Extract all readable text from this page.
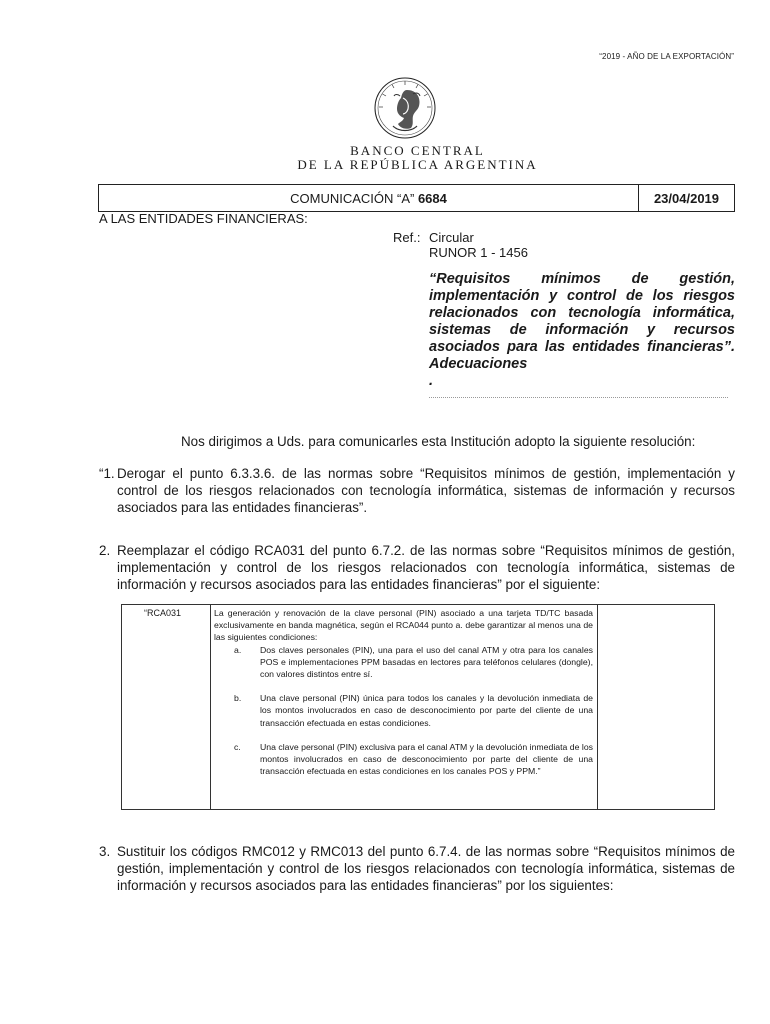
“2019 - AÑO DE LA EXPORTACIÓN”
BANCO CENTRAL
DE LA REPÚBLICA ARGENTINA
COMUNICACIÓN “A” 6684	23/04/2019
A LAS ENTIDADES FINANCIERAS:
Ref.: Circular
RUNOR 1 - 1456
“Requisitos mínimos de gestión, implementación y control de los riesgos relacionados con tecnología informática, sistemas de información y recursos asociados para las entidades financieras”. Adecuaciones
.
Nos dirigimos a Uds. para comunicarles esta Institución adopto la siguiente resolución:
“1. Derogar el punto 6.3.3.6. de las normas sobre “Requisitos mínimos de gestión, implementación y control de los riesgos relacionados con tecnología informática, sistemas de información y recursos asociados para las entidades financieras”.
2. Reemplazar el código RCA031 del punto 6.7.2. de las normas sobre “Requisitos mínimos de gestión, implementación y control de los riesgos relacionados con tecnología informática, sistemas de información y recursos asociados para las entidades financieras” por el siguiente:
“RCA031	La generación y renovación de la clave personal (PIN) asociado a una tarjeta TD/TC basada exclusivamente en banda magnética, según el RCA044 punto a. debe garantizar al menos una de las siguientes condiciones:
a. Dos claves personales (PIN), una para el uso del canal ATM y otra para los canales POS e implementaciones PPM basadas en lectores para teléfonos celulares (dongle), con valores distintos entre sí.
b. Una clave personal (PIN) única para todos los canales y la devolución inmediata de los montos involucrados en caso de desconocimiento por parte del cliente de una transacción efectuada en estas condiciones.
c. Una clave personal (PIN) exclusiva para el canal ATM y la devolución inmediata de los montos involucrados en caso de desconocimiento por parte del cliente de una transacción efectuada en estas condiciones en los canales POS y PPM.”
3. Sustituir los códigos RMC012 y RMC013 del punto 6.7.4. de las normas sobre “Requisitos mínimos de gestión, implementación y control de los riesgos relacionados con tecnología informática, sistemas de información y recursos asociados para las entidades financieras” por los siguientes:
